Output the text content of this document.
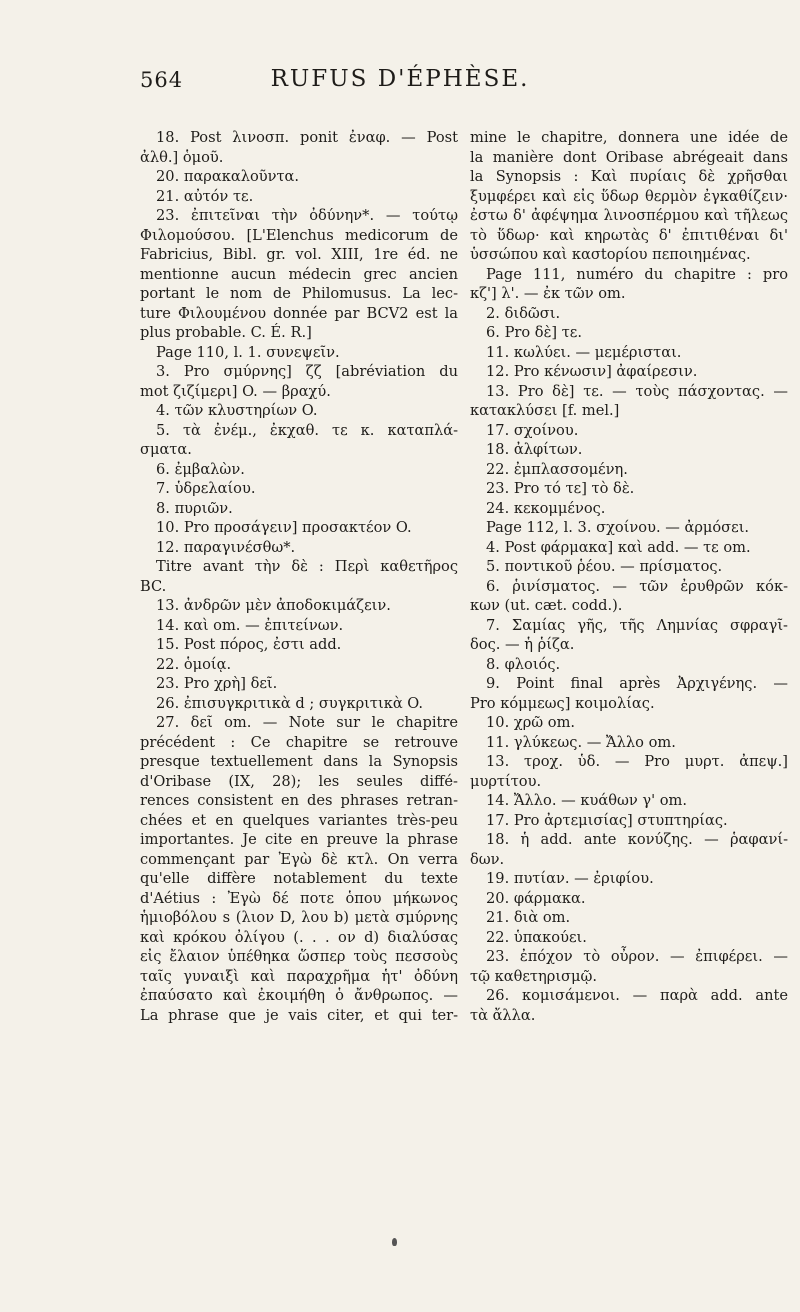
564	RUFUS D'ÉPHÈSE.
18. Post λινοσπ. ponit ἐναφ. — Post
ἀλθ.] ὁμοῦ.
20. παρακαλοῦντα.
21. αὐτόν τε.
23. ἐπιτεῖναι τὴν ὀδύνην*. — τούτῳ
Φιλομούσου. [L'Elenchus medicorum de
Fabricius, Bibl. gr. vol. XIII, 1re éd. ne
mentionne aucun médecin grec ancien
portant le nom de Philomusus. La lec-
ture Φιλουμένου donnée par BCV2 est la
plus probable. C. É. R.]
Page 110, l. 1. συνεψεῖν.
3. Pro σμύρνης] ζζ [abréviation du
mot ζιζίμερι] O. — βραχύ.
4. τῶν κλυστηρίων O.
5. τὰ ἐνέμ., ἐκχαθ. τε κ. καταπλά-
σματα.
6. ἐμβαλὼν.
7. ὑδρελαίου.
8. πυριῶν.
10. Pro προσάγειν] προσακτέον O.
12. παραγινέσθω*.
Titre avant τὴν δὲ : Περὶ καθετῆρος
BC.
13. ἀνδρῶν μὲν ἀποδοκιμάζειν.
14. καὶ om. — ἐπιτείνων.
15. Post πόρος, ἐστι add.
22. ὁμοίᾳ.
23. Pro χρὴ] δεῖ.
26. ἐπισυγκριτικὰ d ; συγκριτικὰ O.
27. δεῖ om. — Note sur le chapitre
précédent : Ce chapitre se retrouve
presque textuellement dans la Synopsis
d'Oribase (IX, 28); les seules diffé-
rences consistent en des phrases retran-
chées et en quelques variantes très-peu
importantes. Je cite en preuve la phrase
commençant par Ἐγὼ δὲ κτλ. On verra
qu'elle diffère notablement du texte
d'Aétius : Ἐγὼ δέ ποτε ὁπου μήκωνος
ἡμιοβόλου s (λιον D, λου b) μετὰ σμύρνης
καὶ κρόκου ὀλίγου (. . . ον d) διαλύσας
εἰς ἔλαιον ὑπέθηκα ὥσπερ τοὺς πεσσοὺς
ταῖς γυναιξὶ καὶ παραχρῆμα ἡτ' ὀδύνη
ἐπαύσατο καὶ ἐκοιμήθη ὁ ἄνθρωπος. —
La phrase que je vais citer, et qui ter-
mine le chapitre, donnera une idée de
la manière dont Oribase abrégeait dans
la Synopsis : Καὶ πυρίαις δὲ χρῆσθαι
ξυμφέρει καὶ εἰς ὕδωρ θερμὸν ἐγκαθίζειν·
ἐστω δ' ἀφέψημα λινοσπέρμου καὶ τῆλεως
τὸ ὕδωρ· καὶ κηρωτὰς δ' ἐπιτιθέναι δι'
ὑσσώπου καὶ κασtορίου πεποιημένας.
Page 111, numéro du chapitre : pro
κζ'] λ'. — ἐκ τῶν om.
2. διδῶσι.
6. Pro δὲ] τε.
11. κωλύει. — μεμέρισται.
12. Pro κένωσιν] ἀφαίρεσιν.
13. Pro δὲ] τε. — τοὺς πάσχοντας. —
κατακλύσει [f. mel.]
17. σχοίνου.
18. ἀλφίτων.
22. ἐμπλασσομένη.
23. Pro τό τε] τὸ δὲ.
24. κεκομμένος.
Page 112, l. 3. σχοίνου. — ἀρμόσει.
4. Post φάρμακα] καὶ add. — τε om.
5. ποντικοῦ ῥέου. — πρίσματος.
6. ῥινίσματος. — τῶν ἐρυθρῶν κόκ-
κων (ut. cæt. codd.).
7. Σαμίας γῆς, τῆς Λημνίας σφραγῖ-
δος. — ἡ ῥίζα.
8. φλοιός.
9. Point final après Ἀρχιγένης. —
Pro κόμμεως] κοιμολίας.
10. χρῶ om.
11. γλύκεως. — Ἄλλο om.
13. τροχ. ὑδ. — Pro μυρτ. ἀπεψ.]
μυρτίτου.
14. Ἄλλο. — κυάθων γ' om.
17. Pro ἀρτεμισίας] στυπτηρίας.
18. ἡ add. ante κονύζης. — ῥαφανί-
δων.
19. πυτίαν. — ἐριφίου.
20. φάρμακα.
21. διὰ om.
22. ὑπακούει.
23. ἐπόχον τὸ οὖρον. — ἐπιφέρει. —
τῷ καθετηρισμῷ.
26. κομισάμενοι. — παρὰ add. ante
τὰ ἄλλα.
